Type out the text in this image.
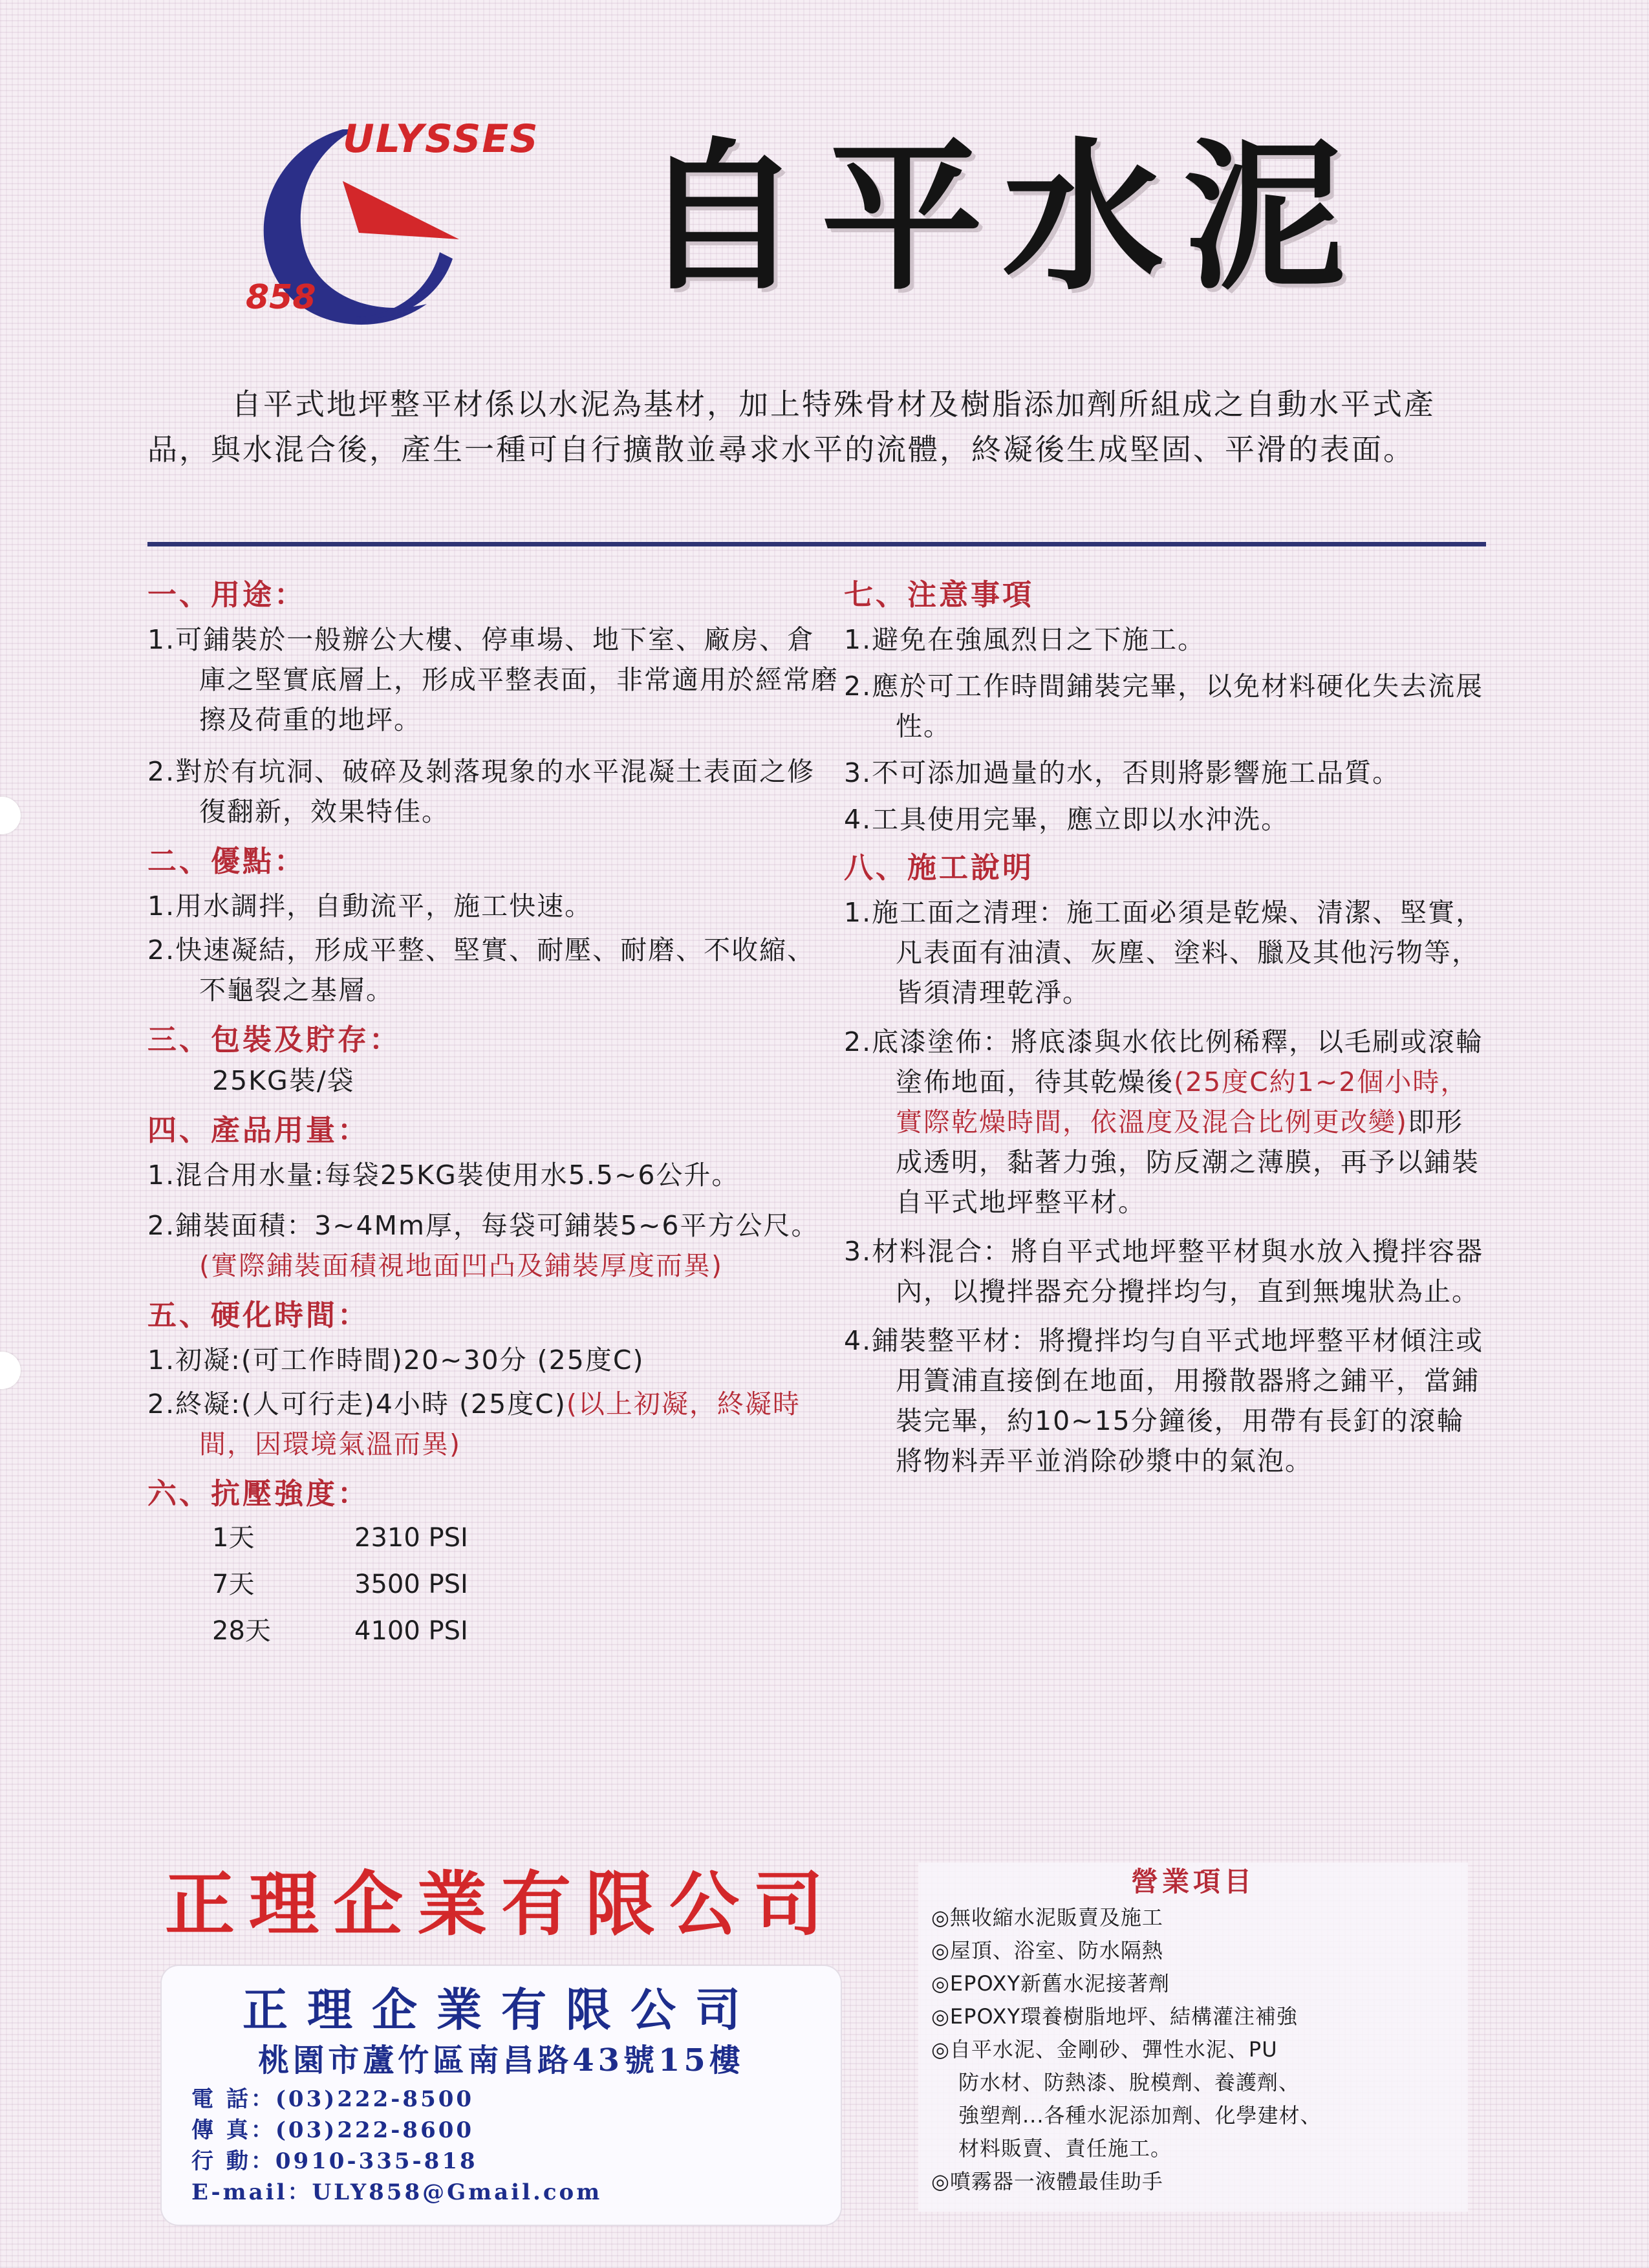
ULYSSES
858 自平水泥
自平式地坪整平材係以水泥為基材，加上特殊骨材及樹脂添加劑所組成之自動水平式產品，與水混合後，產生一種可自行擴散並尋求水平的流體，終凝後生成堅固、平滑的表面。
一、用途：
1.可鋪裝於一般辦公大樓、停車場、地下室、廠房、倉庫之堅實底層上，形成平整表面，非常適用於經常磨擦及荷重的地坪。
2.對於有坑洞、破碎及剝落現象的水平混凝土表面之修復翻新，效果特佳。
二、優點：
1.用水調拌，自動流平，施工快速。
2.快速凝結，形成平整、堅實、耐壓、耐磨、不收縮、不龜裂之基層。
三、包裝及貯存：
25KG裝/袋
四、產品用量：
1.混合用水量:每袋25KG裝使用水5.5~6公升。
2.鋪裝面積：3~4Mm厚，每袋可鋪裝5~6平方公尺。(實際鋪裝面積視地面凹凸及鋪裝厚度而異)
五、硬化時間：
1.初凝:(可工作時間)20~30分 (25度C)
2.終凝:(人可行走)4小時 (25度C)(以上初凝，終凝時間，因環境氣溫而異)
六、抗壓強度：
1天	2310 PSI
7天	3500 PSI
28天	4100 PSI
七、注意事項
1.避免在強風烈日之下施工。
2.應於可工作時間鋪裝完畢，以免材料硬化失去流展性。
3.不可添加過量的水，否則將影響施工品質。
4.工具使用完畢，應立即以水沖洗。
八、施工說明
1.施工面之清理：施工面必須是乾燥、清潔、堅實，凡表面有油漬、灰塵、塗料、臘及其他污物等，皆須清理乾淨。
2.底漆塗佈：將底漆與水依比例稀釋，以毛刷或滾輪塗佈地面，待其乾燥後(25度C約1~2個小時，實際乾燥時間，依溫度及混合比例更改變)即形成透明，黏著力強，防反潮之薄膜，再予以鋪裝自平式地坪整平材。
3.材料混合：將自平式地坪整平材與水放入攪拌容器內，以攪拌器充分攪拌均勻，直到無塊狀為止。
4.鋪裝整平材：將攪拌均勻自平式地坪整平材傾注或用簀浦直接倒在地面，用撥散器將之鋪平，當鋪裝完畢，約10~15分鐘後，用帶有長釘的滾輪將物料弄平並消除砂漿中的氣泡。
正理企業有限公司
正理企業有限公司
桃園市蘆竹區南昌路43號15樓
電 話：(03)222-8500
傳 真：(03)222-8600
行 動：0910-335-818
E-mail：ULY858@Gmail.com
營業項目
◎無收縮水泥販賣及施工
◎屋頂、浴室、防水隔熱
◎EPOXY新舊水泥接著劑
◎EPOXY環養樹脂地坪、結構灌注補強
◎自平水泥、金剛砂、彈性水泥、PU
防水材、防熱漆、脫模劑、養護劑、
強塑劑...各種水泥添加劑、化學建材、
材料販賣、責任施工。
◎噴霧器一液體最佳助手
